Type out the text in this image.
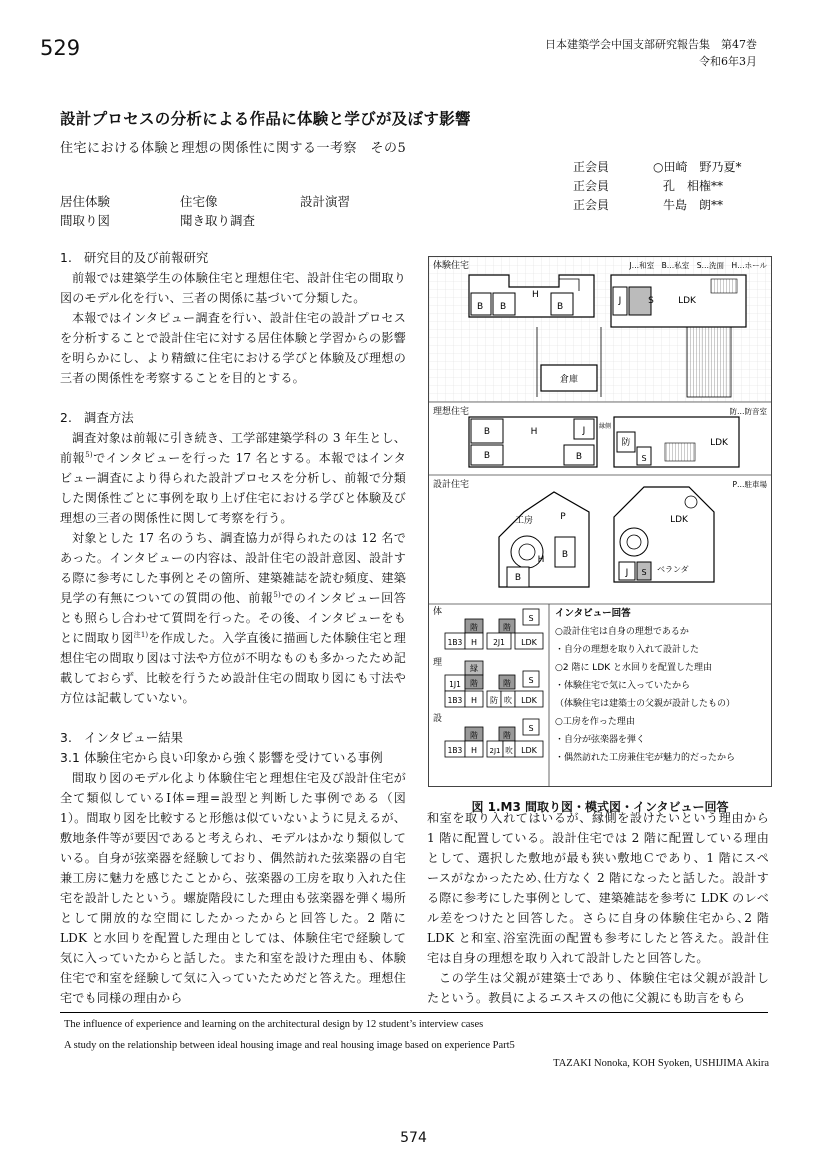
529	日本建築学会中国支部研究報告集　第47巻
令和6年3月
設計プロセスの分析による作品に体験と学びが及ぼす影響
住宅における体験と理想の関係性に関する一考察　その5
正会員	○田崎　野乃夏*
正会員	孔　相権**
正会員	牛島　朗**
居住体験	住宅像	設計演習
間取り図	聞き取り調査

1. 研究目的及び前報研究

前報では建築学生の体験住宅と理想住宅、設計住宅の間取り図のモデル化を行い、三者の関係に基づいて分類した。

本報ではインタビュー調査を行い、設計住宅の設計プロセスを分析することで設計住宅に対する居住体験と学習からの影響を明らかにし、より精緻に住宅における学びと体験及び理想の三者の関係性を考察することを目的とする。

2. 調査方法

調査対象は前報に引き続き、工学部建築学科の 3 年生とし、前報$^{5)}$でインタビューを行った 17 名とする。本報ではインタビュー調査により得られた設計プロセスを分析し、前報で分類した関係性ごとに事例を取り上げ住宅における学びと体験及び理想の三者の関係性に関して考察を行う。

対象とした 17 名のうち、調査協力が得られたのは 12 名であった。インタビューの内容は、設計住宅の設計意図、設計する際に参考にした事例とその箇所、建築雑誌を読む頻度、建築見学の有無についての質問の他、前報$^{5)}$でのインタビュー回答とも照らし合わせて質問を行った。その後、インタビューをもとに間取り図$^{注1)}$を作成した。入学直後に描画した体験住宅と理想住宅の間取り図は寸法や方位が不明なものも多かったため記載しておらず、比較を行うため設計住宅の間取り図にも寸法や方位は記載していない。

3. インタビュー結果

3.1 体験住宅から良い印象から強く影響を受けている事例

間取り図のモデル化より体験住宅と理想住宅及び設計住宅が全て類似しているⅠ体=理=設型と判断した事例である（図 1）。間取り図を比較すると形態は似ていないように見えるが、敷地条件等が要因であると考えられ、モデルはかなり類似している。自身が弦楽器を経験しており、偶然訪れた弦楽器の自宅兼工房に魅力を感じたことから、弦楽器の工房を取り入れた住宅を設計したという。螺旋階段にした理由も弦楽器を弾く場所として開放的な空間にしたかったからと回答した。2 階に LDK と水回りを配置した理由としては、体験住宅で経験して気に入っていたからと話した。また和室を設けた理由も、体験住宅で和室を経験して気に入っていたためだと答えた。理想住宅でも同様の理由から

体験住宅	J…和室　B…私室　S…洗面　H…ホール
B B
H
B
J	S	LDK
倉庫
理想住宅	防…防音室
B
B
H
B
J 縁側
防
S
LDK
設計住宅	P…駐車場
工房	P
H B
B
LDK
J S ベランダ
体
階	階
S
1B3 H 2J1 LDK
理
縁
1J1 階	階 S
1B3 H 防 吹 LDK
設
階	階
S
1B3 H 2J1 吹 LDK
インタビュー回答
○設計住宅は自身の理想であるか
・自分の理想を取り入れて設計した
○2 階に LDK と水回りを配置した理由
・体験住宅で気に入っていたから
（体験住宅は建築士の父親が設計したもの）
○工房を作った理由
・自分が弦楽器を弾く
・偶然訪れた工房兼住宅が魅力的だったから
図 1.M3 間取り図・模式図・インタビュー回答

和室を取り入れてはいるが、縁側を設けたいという理由から 1 階に配置している。設計住宅では 2 階に配置している理由として、選択した敷地が最も狭い敷地Ｃであり、1 階にスペースがなかったため､仕方なく 2 階になったと話した。設計する際に参考にした事例として、建築雑誌を参考に LDK のレベル差をつけたと回答した。さらに自身の体験住宅から､2 階 LDK と和室､浴室洗面の配置も参考にしたと答えた。設計住宅は自身の理想を取り入れて設計したと回答した。

この学生は父親が建築士であり、体験住宅は父親が設計したという。教員によるエスキスの他に父親にも助言をもら

The influence of experience and learning on the architectural design by 12 student’s interview cases
A study on the relationship between ideal housing image and real housing image based on experience Part5
TAZAKI Nonoka, KOH Syoken, USHIJIMA Akira
574
